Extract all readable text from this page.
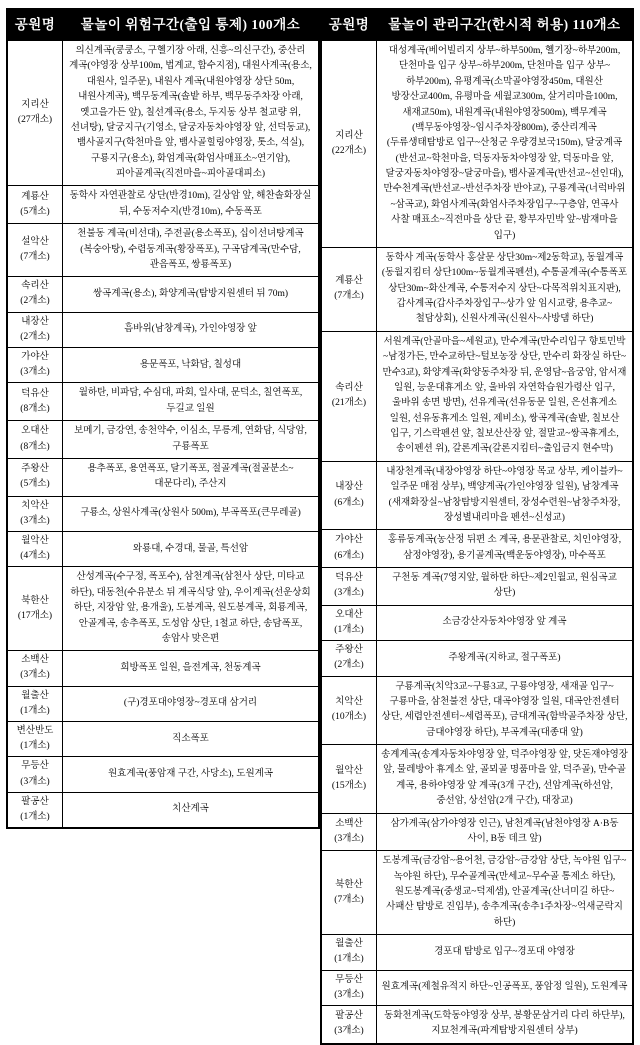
공원명	물놀이 위험구간(출입 통제) 100개소

지리산
(27개소)	의신계곡(쿵쿵소, 구헬기장 아래, 신흥~의신구간), 중산리 계곡(야영장 상부100m, 법계교, 합수지점), 대원사계곡(용소, 대원사, 일주문), 내원사 계곡(내원야영장 상단 50m, 내원사계곡), 백무동계곡(솔밭 하부, 백무동주차장 아래, 옛고을가든 앞), 칠선계곡(용소, 두지동 상부 철교량 위, 선녀탕), 달궁지구(기영소, 달궁자동차야영장 앞, 선덕동교), 뱀사골지구(학천마을 앞, 뱀사골힐링야영장, 톳소, 석실), 구룡지구(용소), 화엄계곡(화엄사매표소~연기암), 피아골계곡(직전마을~피아골대피소)

계룡산
(5개소)	동학사 자연관찰로 상단(반경10m), 길상암 앞, 해찬솔화장실 뒤, 수동저수지(반경10m), 수동폭포

설악산
(7개소)	천불동 계곡(비선대), 주전골(용소폭포), 십이선녀탕계곡(복숭아탕), 수렴동계곡(황장폭포), 구곡담계곡(만수담, 관음폭포, 쌍룡폭포)

속리산
(2개소)	쌍곡계곡(용소), 화양계곡(탐방지원센터 뒤 70m)

내장산
(2개소)	흠바위(남창계곡), 가인야영장 앞

가야산
(3개소)	용문폭포, 낙화담, 칠성대

덕유산
(8개소)	월하탄, 비파담, 수심대, 파회, 일사대, 문덕소, 칠연폭포, 두길교 일원

오대산
(8개소)	보메기, 금강연, 송천약수, 이심소, 무릉계, 연화담, 식당암, 구룡폭포

주왕산
(5개소)	용추폭포, 용연폭포, 달기폭포, 절골계곡(절골분소~대문다리), 주산지

치악산
(3개소)	구룡소, 상원사계곡(상원사 500m), 부곡폭포(큰무레골)

월악산
(4개소)	와룡대, 수경대, 물골, 특선암

북한산
(17개소)	산성계곡(수구정, 폭포수), 삼천계곡(삼천사 상단, 미타교 하단), 대동천(수유분소 뒤 계곡식당 앞), 우이계곡(선운상회 하단, 지장암 앞, 용개울), 도봉계곡, 원도봉계곡, 회룡계곡, 안골계곡, 송추폭포, 도성암 상단, 1철교 하단, 송담폭포, 송암사 맞은편

소백산
(3개소)	희방폭포 일원, 을전계곡, 천동계곡

월출산
(1개소)	(구)경포대야영장~경포대 삼거리

변산반도
(1개소)	직소폭포

무등산
(3개소)	원효계곡(풍암재 구간, 사당소), 도원계곡

팔공산
(1개소)	치산계곡
공원명	물놀이 관리구간(한시적 허용) 110개소

지리산
(22개소)	대성계곡(베어빌리지 상부~하부500m, 헬기장~하부200m, 단천마을 입구 상부~하부200m, 단천마을 입구 상부~하부200m), 유평계곡(소막골야영장450m, 대원산 방장산교400m, 유평마을 세월교300m, 살거리마을100m, 새재교50m), 내원계곡(내원야영장500m), 백무계곡(백무동야영장~임시주차장800m), 중산리계곡(두류생태탐방로 입구~산청군 우량경보국150m), 달궁계곡(반선교~학천마을, 덕동자동차야영장 앞, 덕동마을 앞, 달궁자동차야영장~달궁마을), 뱀사골계곡(반선교~선인대), 만수천계곡(반선교~반선주차장 반야교), 구룡계곡(너럭바위~삼곡교), 화엄사계곡(화엄사주차장입구~구층암, 연곡사 사찰 매표소~직전마을 상단 끝, 황부자민박 앞~밤재마을 입구)

계룡산
(7개소)	동학사 계곡(동학사 홍살문 상단30m~제2동학교), 동월계곡(동월지킴터 상단100m~동월계곡펜션), 수통골계곡(수통폭포 상단30m~화산계곡, 수통저수지 상단~다목적위치표지판), 갑사계곡(갑사주차장입구~상가 앞 임시교량, 용추교~철담상회), 신원사계곡(신원사~사방댐 하단)

속리산
(21개소)	서원계곡(안골마을~세원교), 만수계곡(만수리입구 향토민박~남정가든, 만수교하단~털보농장 상단, 만수리 화장실 하단~만수3교), 화양계곡(화양동주차장 뒤, 운영담~읍궁암, 암서재 일원, 능운대휴게소 앞, 울바위 자연학습원가령산 입구, 울바위 송면 방면), 선유계곡(선유동문 일원, 은선휴게소 일원, 선유동휴게소 일원, 제비소), 쌍곡계곡(솔밭, 칠보산 입구, 기스락펜션 앞, 칠보산산장 앞, 절말교~쌍곡휴게소, 송이펜션 위), 갈론계곡(갈론지킴터~출입금지 현수막)

내장산
(6개소)	내장천계곡(내장야영장 하단~야영장 목교 상부, 케이블카~일주문 매점 상부), 백양계곡(가인야영장 일원), 남창계곡(새재화장실~남창탐방지원센터, 장성수련원~남창주차장, 장성별내리마을 펜션~신성교)

가야산
(6개소)	홍류동계곡(농산정 뒤편 소 계곡, 용문관찰로, 치인야영장, 삼정야영장), 용기골계곡(백운동야영장), 마수폭포

덕유산
(3개소)	구천동 계곡(7영지앞, 월하탄 하단~제2인월교, 원심곡교 상단)

오대산
(1개소)	소금강산자동차야영장 앞 계곡

주왕산
(2개소)	주왕계곡(지하교, 절구폭포)

치악산
(10개소)	구룡계곡(치악3교~구룡3교, 구룡야영장, 새재골 입구~구룡마을, 삼천불전 상단, 대곡야영장 일원, 대곡안전센터 상단, 세렴안전센터~세렴폭포), 금대계곡(함박골주차장 상단, 금대야영장 하단), 부곡계곡(대종대 앞)

월악산
(15개소)	송계계곡(송계자동차야영장 앞, 덕주야영장 앞, 닷돈재야영장 앞, 물레방아 휴게소 앞, 골뫼골 명품마을 앞, 덕주골), 만수골 계곡, 용하야영장 앞 계곡(3개 구간), 선암계곡(하선암, 중선암, 상선암(2개 구간), 대장교)

소백산
(3개소)	삼가계곡(삼가야영장 인근), 남천계곡(남천야영장 A·B동 사이, B동 데크 앞)

북한산
(7개소)	도봉계곡(금강암~용어천, 금강암~금강암 상단, 녹야원 입구~녹야원 하단), 무수골계곡(만세교~무수골 통제소 하단), 원도봉계곡(중생교~덕제샘), 안골계곡(산너미길 하단~사패산 탐방로 진입부), 송추계곡(송추1주차장~억새군락지 하단)

월출산
(1개소)	경포대 탐방로 입구~경포대 야영장

무등산
(3개소)	원효계곡(제철유적지 하단~인공폭포, 풍암정 일원), 도원계곡

팔공산
(3개소)	동화천계곡(도학동야영장 상부, 봉황문삼거리 다리 하단부), 지묘천계곡(파계탐방지원센터 상부)
